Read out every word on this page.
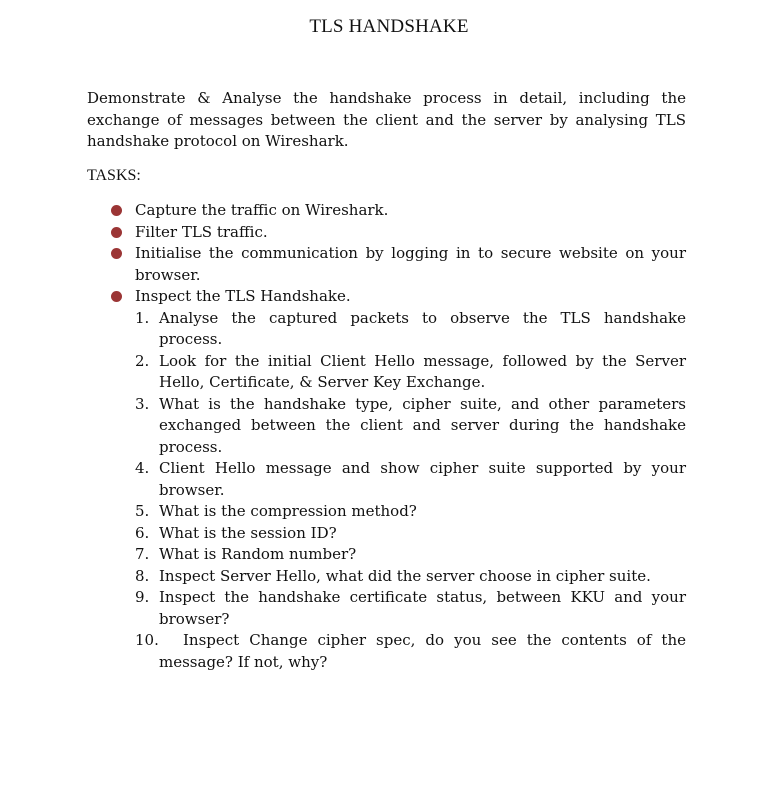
TLS HANDSHAKE

Demonstrate & Analyse the handshake process in detail, including the exchange of messages between the client and the server by analysing TLS handshake protocol on Wireshark.

TASKS:

Capture the traffic on Wireshark.
Filter TLS traffic.
Initialise the communication by logging in to secure website on your browser.
Inspect the TLS Handshake.
1. Analyse the captured packets to observe the TLS handshake process.
2. Look for the initial Client Hello message, followed by the Server Hello, Certificate, & Server Key Exchange.
3. What is the handshake type, cipher suite, and other parameters exchanged between the client and server during the handshake process.
4. Client Hello message and show cipher suite supported by your browser.
5. What is the compression method?
6. What is the session ID?
7. What is Random number?
8. Inspect Server Hello, what did the server choose in cipher suite.
9. Inspect the handshake certificate status, between KKU and your browser?
10. Inspect Change cipher spec, do you see the contents of the message? If not, why?
